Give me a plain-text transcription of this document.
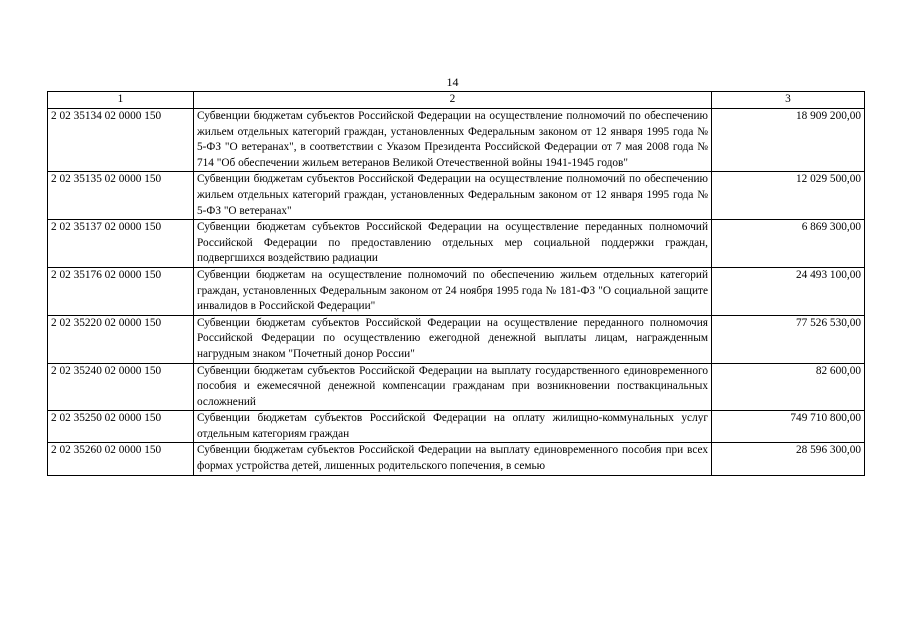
14
1	2	3
2 02 35134 02 0000 150	Субвенции бюджетам субъектов Российской Федерации на осуществление полномочий по обеспечению жильем отдельных категорий граждан, установленных Федеральным законом от 12 января 1995 года № 5-ФЗ "О ветеранах", в соответствии с Указом Президента Российской Федерации от 7 мая 2008 года № 714 "Об обеспечении жильем ветеранов Великой Отечественной войны 1941-1945 годов"	18 909 200,00
2 02 35135 02 0000 150	Субвенции бюджетам субъектов Российской Федерации на осуществление полномочий по обеспечению жильем отдельных категорий граждан, установленных Федеральным законом от 12 января 1995 года № 5-ФЗ "О ветеранах"	12 029 500,00
2 02 35137 02 0000 150	Субвенции бюджетам субъектов Российской Федерации на осуществление переданных полномочий Российской Федерации по предоставлению отдельных мер социальной поддержки граждан, подвергшихся воздействию радиации	6 869 300,00
2 02 35176 02 0000 150	Субвенции бюджетам на осуществление полномочий по обеспечению жильем отдельных категорий граждан, установленных Федеральным законом от 24 ноября 1995 года № 181-ФЗ "О социальной защите инвалидов в Российской Федерации"	24 493 100,00
2 02 35220 02 0000 150	Субвенции бюджетам субъектов Российской Федерации на осуществление переданного полномочия Российской Федерации по осуществлению ежегодной денежной выплаты лицам, награжденным нагрудным знаком "Почетный донор России"	77 526 530,00
2 02 35240 02 0000 150	Субвенции бюджетам субъектов Российской Федерации на выплату государственного единовременного пособия и ежемесячной денежной компенсации гражданам при возникновении поствакцинальных осложнений	82 600,00
2 02 35250 02 0000 150	Субвенции бюджетам субъектов Российской Федерации на оплату жилищно-коммунальных услуг отдельным категориям граждан	749 710 800,00
2 02 35260 02 0000 150	Субвенции бюджетам субъектов Российской Федерации на выплату единовременного пособия при всех формах устройства детей, лишенных родительского попечения, в семью	28 596 300,00
